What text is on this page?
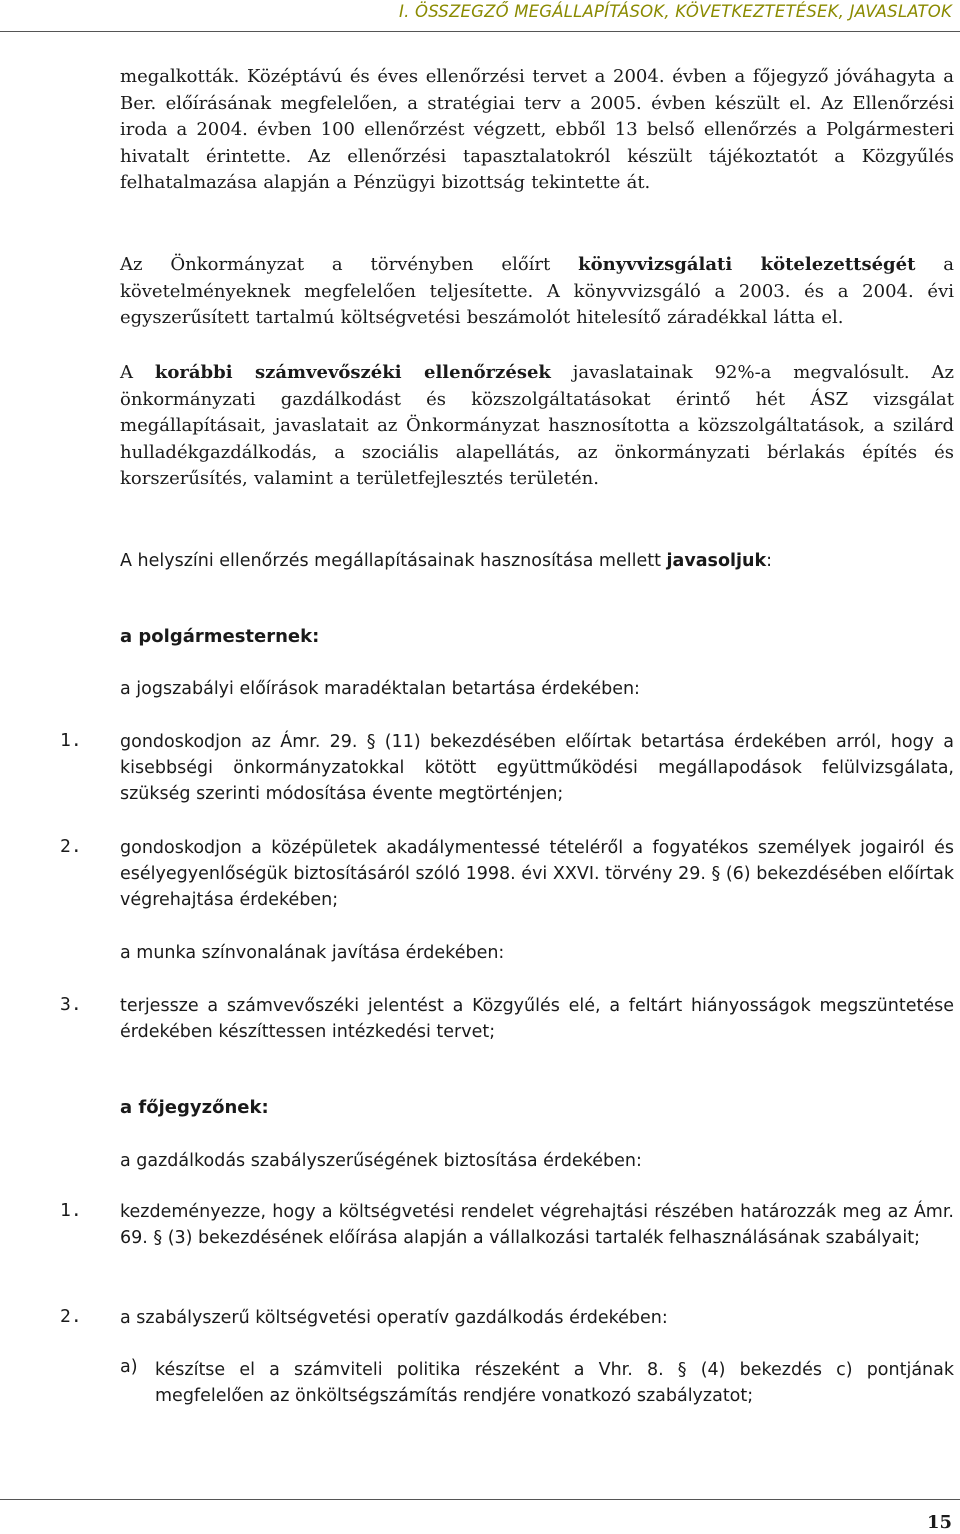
I. ÖSSZEGZŐ MEGÁLLAPÍTÁSOK, KÖVETKEZTETÉSEK, JAVASLATOK

megalkották. Középtávú és éves ellenőrzési tervet a 2004. évben a főjegyző jóváhagyta a Ber. előírásának megfelelően, a stratégiai terv a 2005. évben készült el. Az Ellenőrzési iroda a 2004. évben 100 ellenőrzést végzett, ebből 13 belső ellenőrzés a Polgármesteri hivatalt érintette. Az ellenőrzési tapasztalatokról készült tájékoztatót a Közgyűlés felhatalmazása alapján a Pénzügyi bizottság tekintette át.

Az Önkormányzat a törvényben előírt könyvvizsgálati kötelezettségét a követelményeknek megfelelően teljesítette. A könyvvizsgáló a 2003. és a 2004. évi egyszerűsített tartalmú költségvetési beszámolót hitelesítő záradékkal látta el.

A korábbi számvevőszéki ellenőrzések javaslatainak 92%-a megvalósult. Az önkormányzati gazdálkodást és közszolgáltatásokat érintő hét ÁSZ vizsgálat megállapításait, javaslatait az Önkormányzat hasznosította a közszolgáltatások, a szilárd hulladékgazdálkodás, a szociális alapellátás, az önkormányzati bérlakás építés és korszerűsítés, valamint a területfejlesztés területén.

A helyszíni ellenőrzés megállapításainak hasznosítása mellett javasoljuk:

a polgármesternek:
a jogszabályi előírások maradéktalan betartása érdekében:
1. gondoskodjon az Ámr. 29. § (11) bekezdésében előírtak betartása érdekében arról, hogy a kisebbségi önkormányzatokkal kötött együttműködési megállapodások felülvizsgálata, szükség szerinti módosítása évente megtörténjen;

2. gondoskodjon a középületek akadálymentessé tételéről a fogyatékos személyek jogairól és esélyegyenlőségük biztosításáról szóló 1998. évi XXVI. törvény 29. § (6) bekezdésében előírtak végrehajtása érdekében;

a munka színvonalának javítása érdekében:
3. terjessze a számvevőszéki jelentést a Közgyűlés elé, a feltárt hiányosságok megszüntetése érdekében készíttessen intézkedési tervet;

a főjegyzőnek:
a gazdálkodás szabályszerűségének biztosítása érdekében:
1. kezdeményezze, hogy a költségvetési rendelet végrehajtási részében határozzák meg az Ámr. 69. § (3) bekezdésének előírása alapján a vállalkozási tartalék felhasználásának szabályait;

2. a szabályszerű költségvetési operatív gazdálkodás érdekében:

a) készítse el a számviteli politika részeként a Vhr. 8. § (4) bekezdés c) pontjának megfelelően az önköltségszámítás rendjére vonatkozó szabályzatot;

15
